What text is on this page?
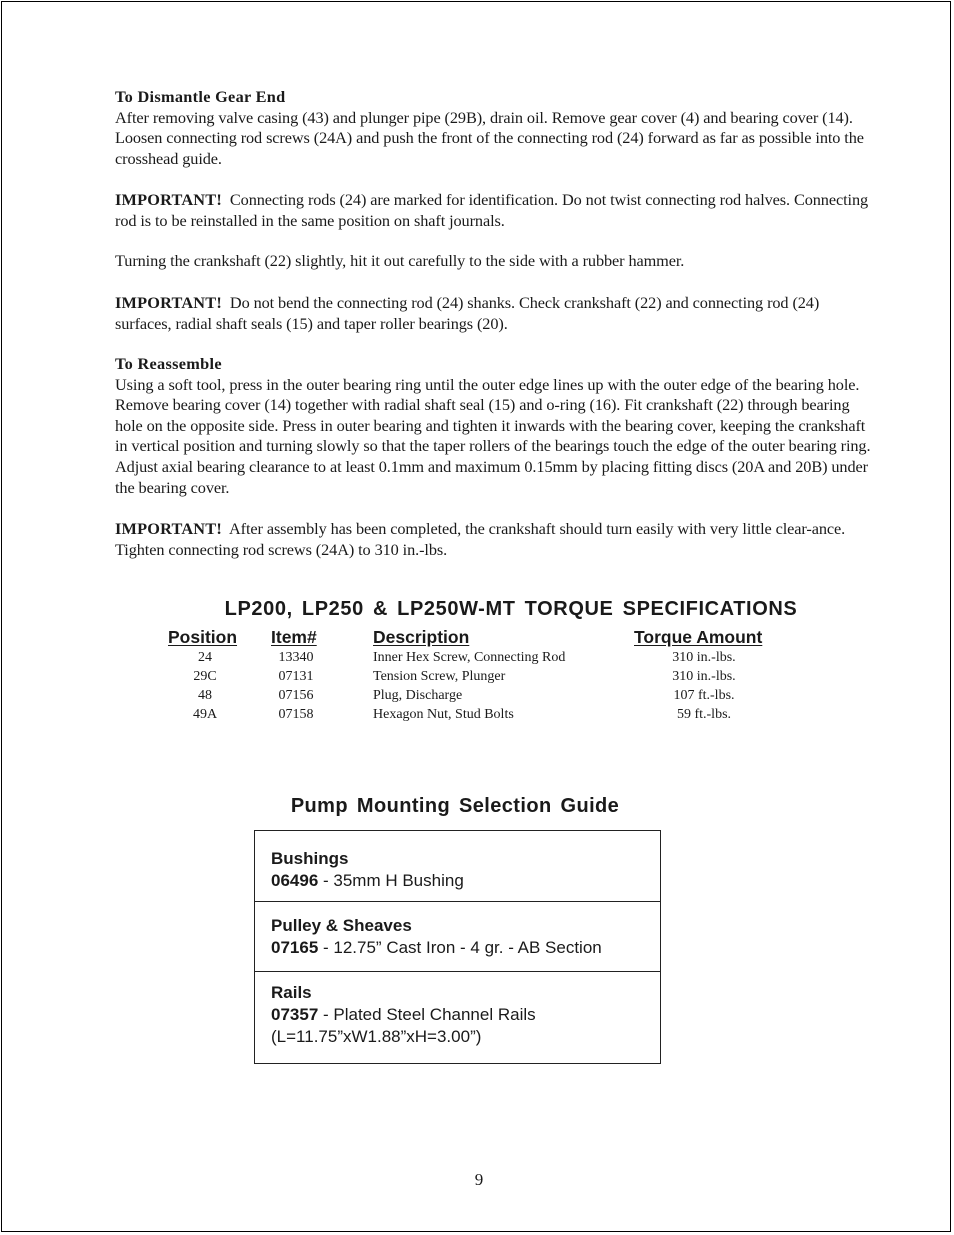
To Dismantle Gear End
After removing valve casing (43) and plunger pipe (29B), drain oil. Remove gear cover (4) and bearing cover (14). Loosen connecting rod screws (24A) and push the front of the connecting rod (24) forward as far as possible into the crosshead guide.
IMPORTANT! Connecting rods (24) are marked for identification. Do not twist connecting rod halves. Connecting rod is to be reinstalled in the same position on shaft journals.
Turning the crankshaft (22) slightly, hit it out carefully to the side with a rubber hammer.
IMPORTANT! Do not bend the connecting rod (24) shanks. Check crankshaft (22) and connecting rod (24) surfaces, radial shaft seals (15) and taper roller bearings (20).
To Reassemble
Using a soft tool, press in the outer bearing ring until the outer edge lines up with the outer edge of the bearing hole. Remove bearing cover (14) together with radial shaft seal (15) and o-ring (16). Fit crankshaft (22) through bearing hole on the opposite side. Press in outer bearing and tighten it inwards with the bearing cover, keeping the crankshaft in vertical position and turning slowly so that the taper rollers of the bearings touch the edge of the outer bearing ring. Adjust axial bearing clearance to at least 0.1mm and maximum 0.15mm by placing fitting discs (20A and 20B) under the bearing cover.
IMPORTANT! After assembly has been completed, the crankshaft should turn easily with very little clear-ance. Tighten connecting rod screws (24A) to 310 in.-lbs.
LP200, LP250 & LP250W-MT TORQUE SPECIFICATIONS
Position Item#	Description	Torque Amount
24	13340	Inner Hex Screw, Connecting Rod	310 in.-lbs.
29C	07131	Tension Screw, Plunger	310 in.-lbs.
48	07156	Plug, Discharge	107 ft.-lbs.
49A	07158	Hexagon Nut, Stud Bolts	59 ft.-lbs.
Pump Mounting Selection Guide
Bushings
06496 - 35mm H Bushing
Pulley & Sheaves
07165 - 12.75” Cast Iron - 4 gr. - AB Section
Rails
07357 - Plated Steel Channel Rails
(L=11.75”xW1.88”xH=3.00”)
9
